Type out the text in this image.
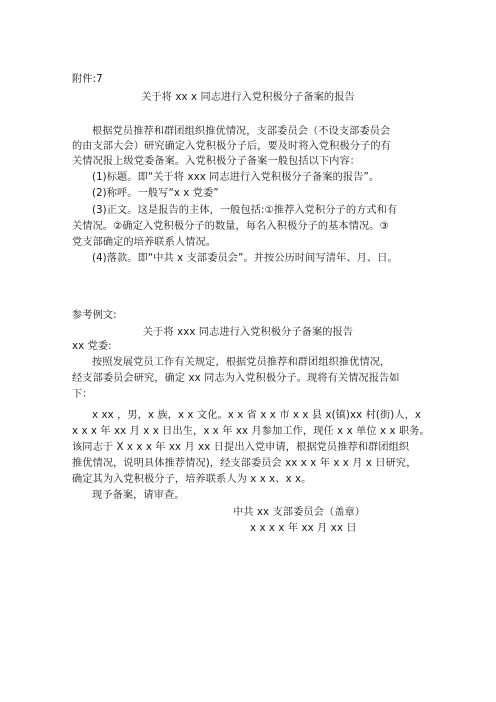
附件:7
关于将 xx x 同志进行入党积极分子备案的报告
根据党员推荐和群团组织推优情况，支部委员会（不设支部委员会
的由支部大会）研究确定入党积极分子后，要及时将入党积极分子的有
关情况报上级党委备案。入党积极分子备案一般包括以下内容：
(1)标题。即“关于将 xxx 同志进行入党积极分子备案的报告”。
(2)称呼。一般写“x x 党委”
(3)正文。这是报告的主体，一般包括:①推荐入党积分子的方式和有
关情况。②确定入党积极分子的数量，每名入积极分子的基本情况。③
党支部确定的培养联系人情况。
(4)落款。即“中共 x 支部委员会”。并按公历时间写清年、月、日。
参考例文:
关于将 xxx 同志进行入党积极分子备案的报告
xx 党委:
按照发展党员工作有关规定，根据党员推荐和群团组织推优情况，
经支部委员会研究，确定 xx 同志为入党积极分子。现将有关情况报告如
下：
x xx ，男，x 族，x x 文化。x x 省 x x 市 x x 县 x(镇)xx 村(街)人，x
x x x 年 xx 月 x x 日出生，x x 年 xx 月参加工作，现任 x x 单位 x x 职务。
该同志于 X x x x 年 xx 月 xx 日提出入党申请，根据党员推荐和群团组织
推优情况，说明具体推荐情况)，经支部委员会 xx x x 年 x x 月 x 日研究，
确定其为入党积极分子，培养联系人为 x x x、x x。
现予备案，请审查。
中共 xx 支部委员会（盖章）
x x x x 年 xx 月 xx 日
